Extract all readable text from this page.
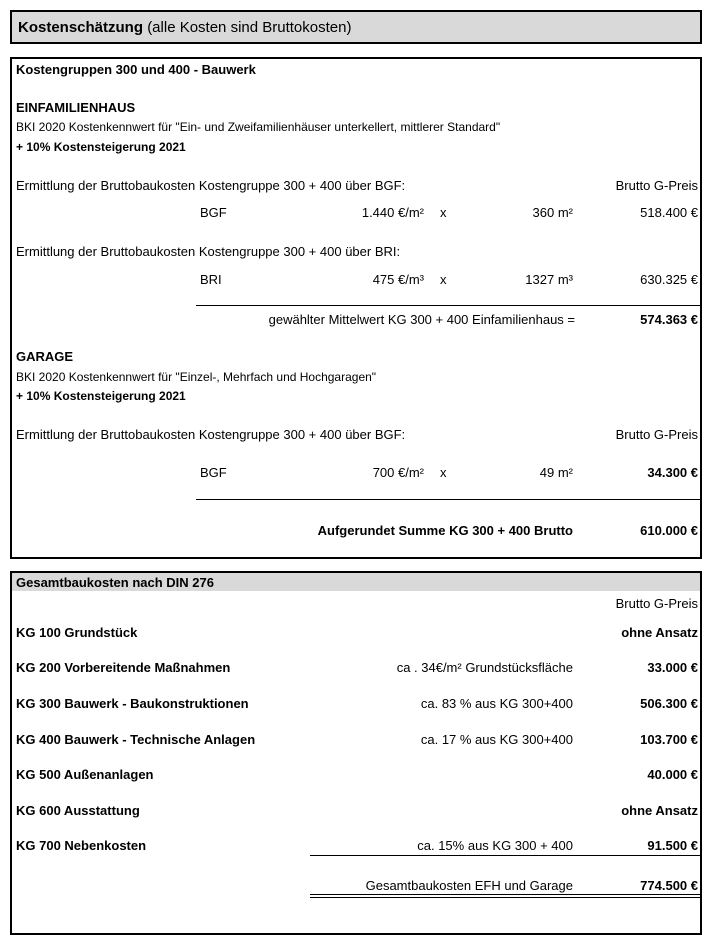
Kostenschätzung (alle Kosten sind Bruttokosten)
Kostengruppen 300 und 400 - Bauwerk
EINFAMILIENHAUS
BKI 2020 Kostenkennwert für "Ein- und Zweifamilienhäuser unterkellert, mittlerer Standard"
+ 10% Kostensteigerung 2021
Ermittlung der Bruttobaukosten Kostengruppe 300 + 400 über BGF:	Brutto G-Preis
BGF	1.440 €/m² x	360 m²	518.400 €
Ermittlung der Bruttobaukosten Kostengruppe 300 + 400 über BRI:
BRI	475 €/m³ x	1327 m³	630.325 €
gewählter Mittelwert KG 300 + 400 Einfamilienhaus =	574.363 €
GARAGE
BKI 2020 Kostenkennwert für "Einzel-, Mehrfach und Hochgaragen"
+ 10% Kostensteigerung 2021
Ermittlung der Bruttobaukosten Kostengruppe 300 + 400 über BGF:	Brutto G-Preis
BGF	700 €/m² x	49 m²	34.300 €
Aufgerundet Summe KG 300 + 400 Brutto	610.000 €
Gesamtbaukosten nach DIN 276
Brutto G-Preis
KG 100 Grundstück	ohne Ansatz
KG 200 Vorbereitende Maßnahmen	ca . 34€/m² Grundstücksfläche	33.000 €
KG 300 Bauwerk - Baukonstruktionen	ca. 83 % aus KG 300+400	506.300 €
KG 400 Bauwerk - Technische Anlagen	ca. 17 % aus KG 300+400	103.700 €
KG 500 Außenanlagen	40.000 €
KG 600 Ausstattung	ohne Ansatz
KG 700 Nebenkosten	ca. 15% aus KG 300 + 400	91.500 €
Gesamtbaukosten EFH und Garage	774.500 €
